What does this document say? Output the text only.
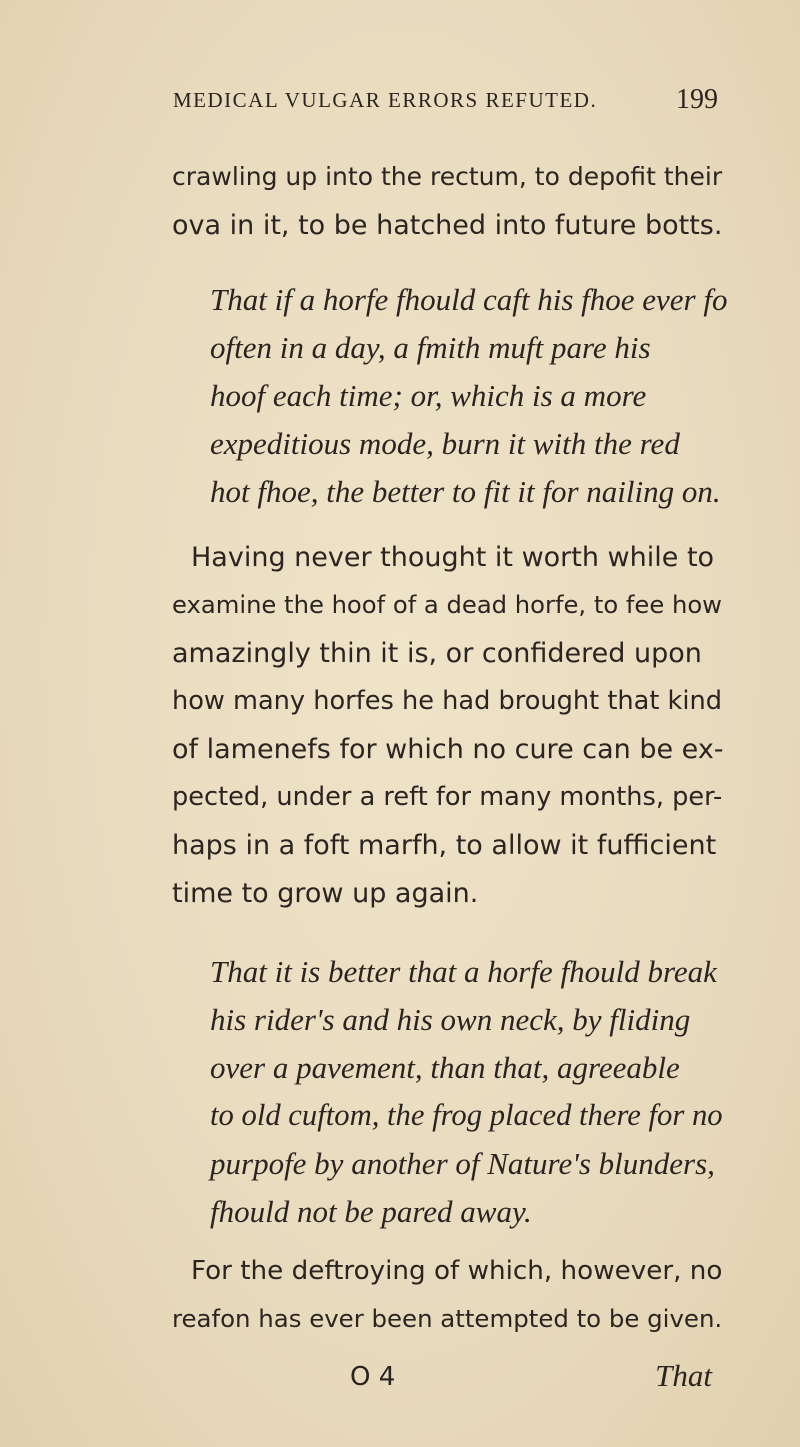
MEDICAL VULGAR ERRORS REFUTED.	199
crawling up into the rectum, to depofit their
ova in it, to be hatched into future botts.
That if a horfe fhould caft his fhoe ever fo
often in a day, a fmith muft pare his
hoof each time; or, which is a more
expeditious mode, burn it with the red
hot fhoe, the better to fit it for nailing on.
Having never thought it worth while to
examine the hoof of a dead horfe, to fee how
amazingly thin it is, or confidered upon
how many horfes he had brought that kind
of lamenefs for which no cure can be ex-
pected, under a reft for many months, per-
haps in a foft marfh, to allow it fufficient
time to grow up again.
That it is better that a horfe fhould break
his rider's and his own neck, by fliding
over a pavement, than that, agreeable
to old cuftom, the frog placed there for no
purpofe by another of Nature's blunders,
fhould not be pared away.
For the deftroying of which, however, no
reafon has ever been attempted to be given.
O 4	That
